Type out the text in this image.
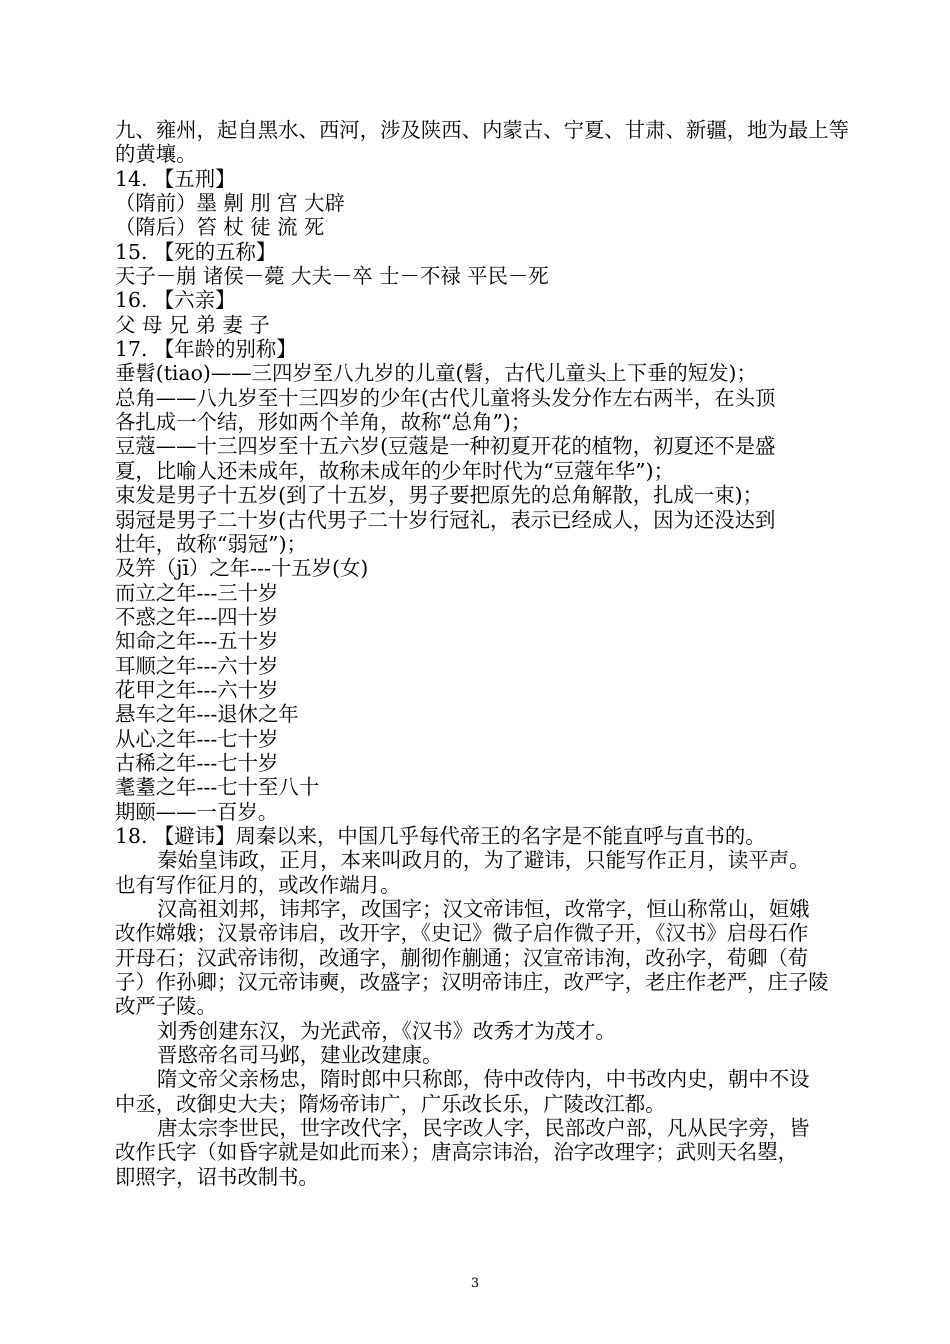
九、雍州，起自黑水、西河，涉及陕西、内蒙古、宁夏、甘肃、新疆，地为最上等
的黄壤。
14. 【五刑】
（隋前）墨 劓 刖 宫 大辟
（隋后）笞 杖 徒 流 死
15. 【死的五称】
天子－崩 诸侯－薨 大夫－卒 士－不禄 平民－死
16. 【六亲】
父 母 兄 弟 妻 子
17. 【年龄的别称】
垂髫(tiao)——三四岁至八九岁的儿童(髫，古代儿童头上下垂的短发)；
总角——八九岁至十三四岁的少年(古代儿童将头发分作左右两半，在头顶
各扎成一个结，形如两个羊角，故称“总角”)；
豆蔻——十三四岁至十五六岁(豆蔻是一种初夏开花的植物，初夏还不是盛
夏，比喻人还未成年，故称未成年的少年时代为“豆蔻年华”)；
束发是男子十五岁(到了十五岁，男子要把原先的总角解散，扎成一束)；
弱冠是男子二十岁(古代男子二十岁行冠礼，表示已经成人，因为还没达到
壮年，故称“弱冠”)；
及笄（jī）之年---十五岁(女)
而立之年---三十岁
不惑之年---四十岁
知命之年---五十岁
耳顺之年---六十岁
花甲之年---六十岁
悬车之年---退休之年
从心之年---七十岁
古稀之年---七十岁
耄耋之年---七十至八十
期颐——一百岁。
18. 【避讳】周秦以来，中国几乎每代帝王的名字是不能直呼与直书的。
秦始皇讳政，正月，本来叫政月的，为了避讳，只能写作正月，读平声。
也有写作征月的，或改作端月。
汉高祖刘邦，讳邦字，改国字；汉文帝讳恒，改常字，恒山称常山，姮娥
改作嫦娥；汉景帝讳启，改开字，《史记》微子启作微子开，《汉书》启母石作
开母石；汉武帝讳彻，改通字，蒯彻作蒯通；汉宣帝讳洵，改孙字，荀卿（荀
子）作孙卿；汉元帝讳奭，改盛字；汉明帝讳庄，改严字，老庄作老严，庄子陵
改严子陵。
刘秀创建东汉，为光武帝，《汉书》改秀才为茂才。
晋愍帝名司马邺，建业改建康。
隋文帝父亲杨忠，隋时郎中只称郎，侍中改侍内，中书改内史，朝中不设
中丞，改御史大夫；隋炀帝讳广，广乐改长乐，广陵改江都。
唐太宗李世民，世字改代字，民字改人字，民部改户部，凡从民字旁，皆
改作氏字（如昏字就是如此而来）；唐高宗讳治，治字改理字；武则天名曌，
即照字，诏书改制书。
3
